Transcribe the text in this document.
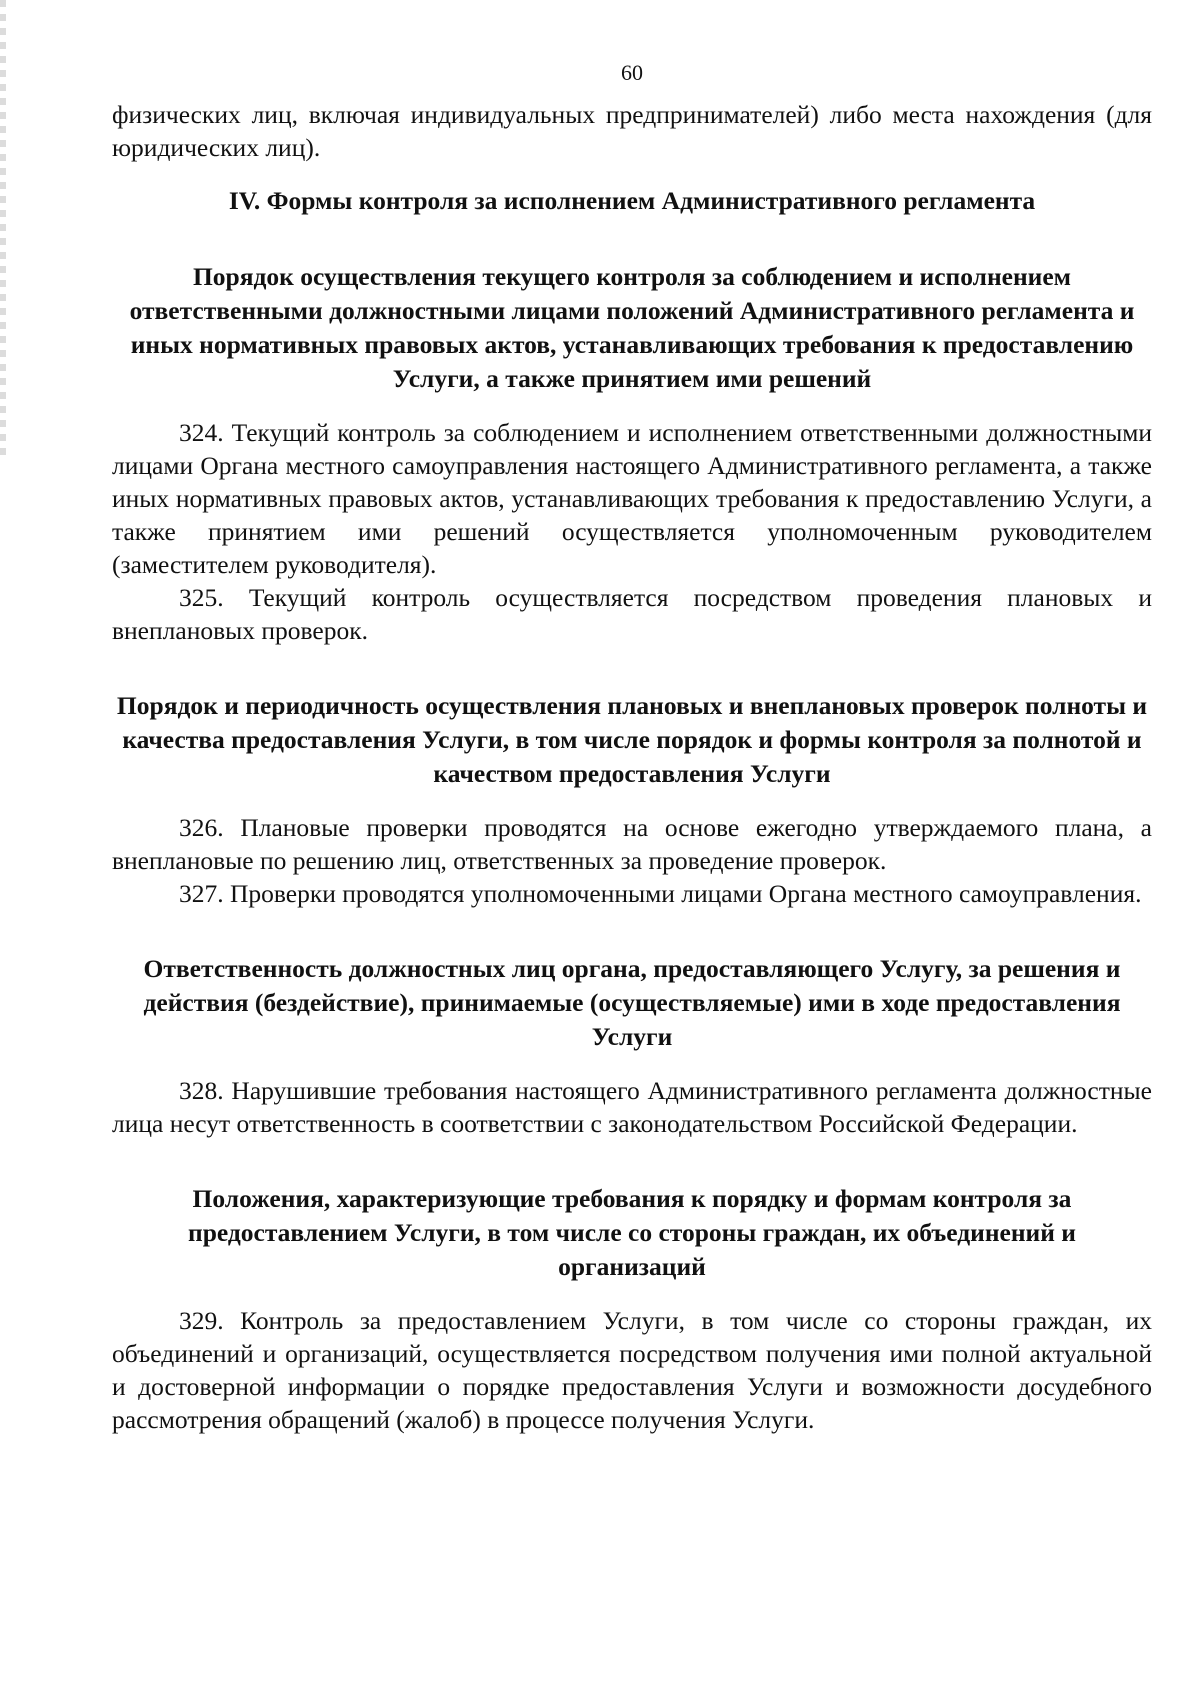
60

физических лиц, включая индивидуальных предпринимателей) либо места нахождения (для юридических лиц).

IV. Формы контроля за исполнением Административного регламента
Порядок осуществления текущего контроля за соблюдением и исполнением ответственными должностными лицами положений Административного регламента и иных нормативных правовых актов, устанавливающих требования к предоставлению Услуги, а также принятием ими решений

324. Текущий контроль за соблюдением и исполнением ответственными должностными лицами Органа местного самоуправления настоящего Административного регламента, а также иных нормативных правовых актов, устанавливающих требования к предоставлению Услуги, а также принятием ими решений осуществляется уполномоченным руководителем (заместителем руководителя).

325. Текущий контроль осуществляется посредством проведения плановых и внеплановых проверок.

Порядок и периодичность осуществления плановых и внеплановых проверок полноты и качества предоставления Услуги, в том числе порядок и формы контроля за полнотой и качеством предоставления Услуги

326. Плановые проверки проводятся на основе ежегодно утверждаемого плана, а внеплановые по решению лиц, ответственных за проведение проверок.

327. Проверки проводятся уполномоченными лицами Органа местного самоуправления.

Ответственность должностных лиц органа, предоставляющего Услугу, за решения и действия (бездействие), принимаемые (осуществляемые) ими в ходе предоставления Услуги

328. Нарушившие требования настоящего Административного регламента должностные лица несут ответственность в соответствии с законодательством Российской Федерации.

Положения, характеризующие требования к порядку и формам контроля за предоставлением Услуги, в том числе со стороны граждан, их объединений и организаций

329. Контроль за предоставлением Услуги, в том числе со стороны граждан, их объединений и организаций, осуществляется посредством получения ими полной актуальной и достоверной информации о порядке предоставления Услуги и возможности досудебного рассмотрения обращений (жалоб) в процессе получения Услуги.
